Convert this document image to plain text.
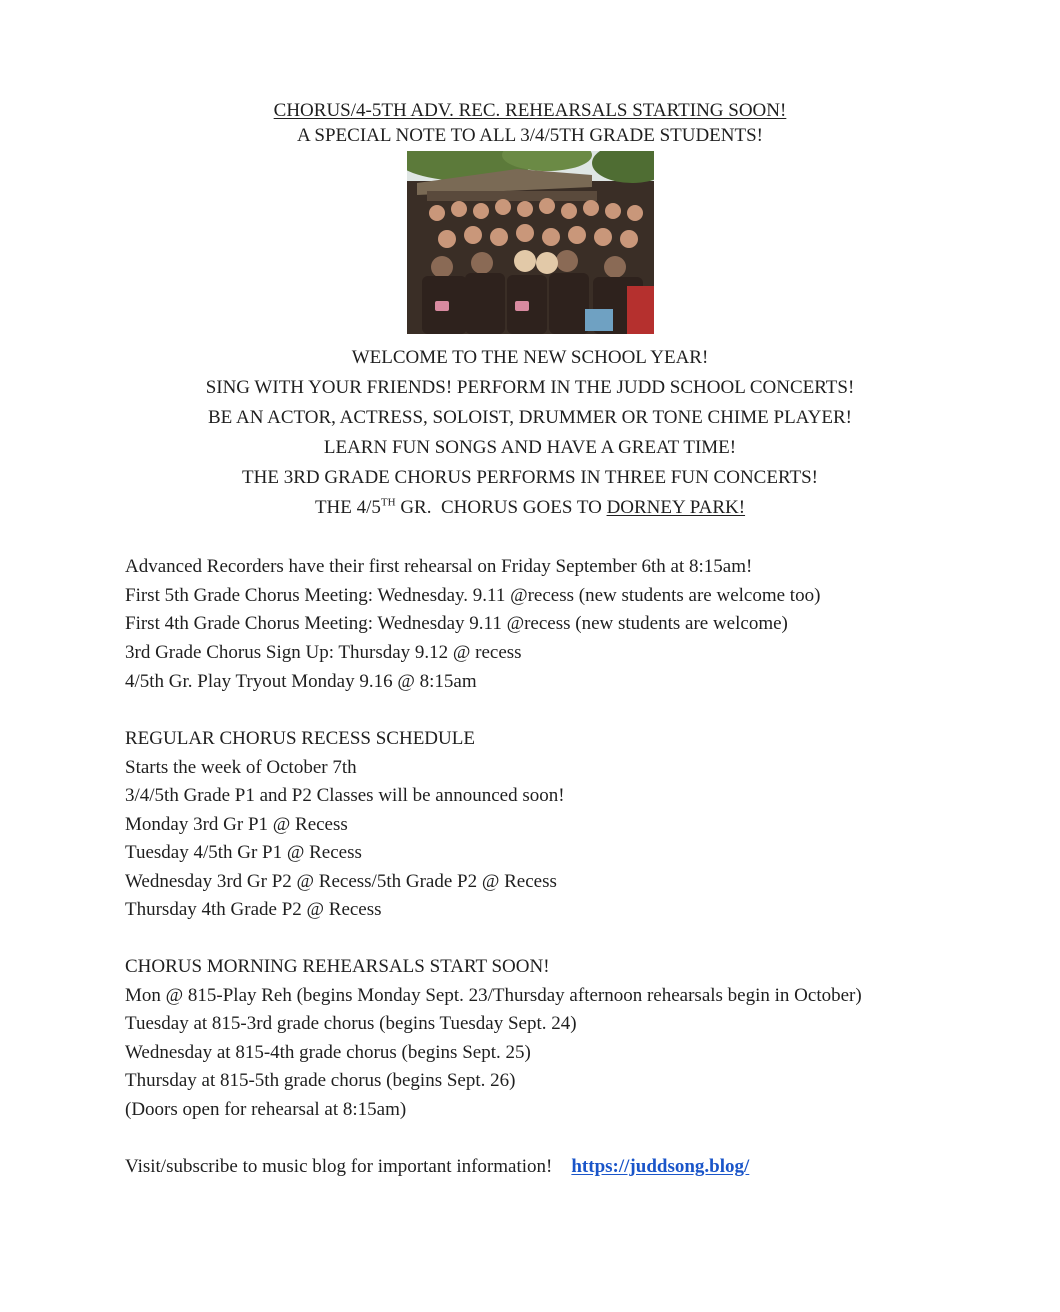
CHORUS/4-5TH ADV. REC. REHEARSALS STARTING SOON!
A SPECIAL NOTE TO ALL 3/4/5TH GRADE STUDENTS!
WELCOME TO THE NEW SCHOOL YEAR!
SING WITH YOUR FRIENDS! PERFORM IN THE JUDD SCHOOL CONCERTS!
BE AN ACTOR, ACTRESS, SOLOIST, DRUMMER OR TONE CHIME PLAYER!
LEARN FUN SONGS AND HAVE A GREAT TIME!
THE 3RD GRADE CHORUS PERFORMS IN THREE FUN CONCERTS!
THE 4/5TH GR.  CHORUS GOES TO DORNEY PARK!
Advanced Recorders have their first rehearsal on Friday September 6th at 8:15am!
First 5th Grade Chorus Meeting: Wednesday. 9.11 @recess (new students are welcome too)
First 4th Grade Chorus Meeting: Wednesday 9.11 @recess (new students are welcome)
3rd Grade Chorus Sign Up: Thursday 9.12 @ recess
4/5th Gr. Play Tryout Monday 9.16 @ 8:15am
REGULAR CHORUS RECESS SCHEDULE
Starts the week of October 7th
3/4/5th Grade P1 and P2 Classes will be announced soon!
Monday 3rd Gr P1 @ Recess
Tuesday 4/5th Gr P1 @ Recess
Wednesday 3rd Gr P2 @ Recess/5th Grade P2 @ Recess
Thursday 4th Grade P2 @ Recess
CHORUS MORNING REHEARSALS START SOON!
Mon @ 815-Play Reh (begins Monday Sept. 23/Thursday afternoon rehearsals begin in October)
Tuesday at 815-3rd grade chorus (begins Tuesday Sept. 24)
Wednesday at 815-4th grade chorus (begins Sept. 25)
Thursday at 815-5th grade chorus (begins Sept. 26)
(Doors open for rehearsal at 8:15am)
Visit/subscribe to music blog for important information! https://juddsong.blog/
